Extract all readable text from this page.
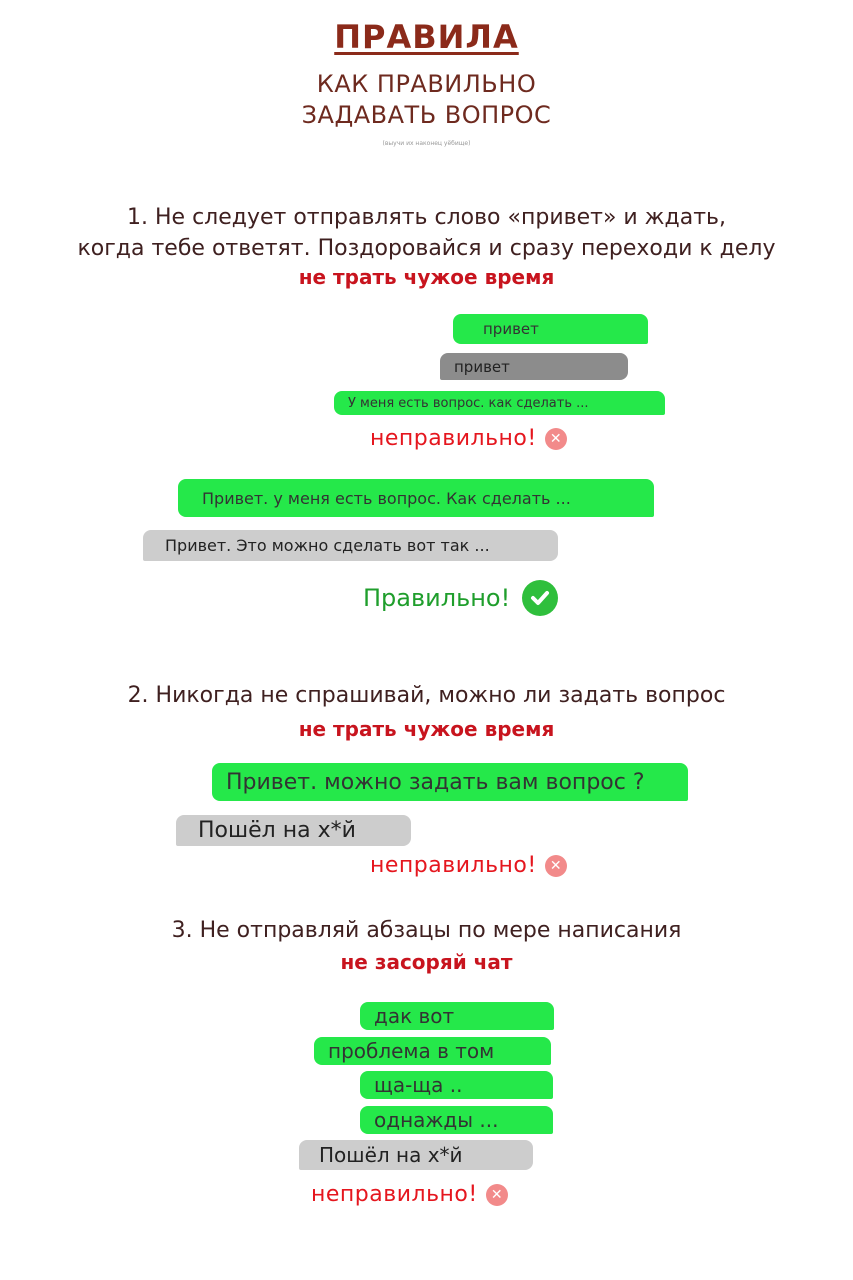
ПРАВИЛА
КАК ПРАВИЛЬНО
ЗАДАВАТЬ ВОПРОС
(выучи их наконец уёбище)
1. Не следует отправлять слово «привет» и ждать,
когда тебе ответят. Поздоровайся и сразу переходи к делу
не трать чужое время
привет
привет
У меня есть вопрос. как сделать ...
неправильно! ✕
Привет. у меня есть вопрос. Как сделать ...
Привет. Это можно сделать вот так ...
Правильно!
2. Никогда не спрашивай, можно ли задать вопрос
не трать чужое время
Привет. можно задать вам вопрос ?
Пошёл на х*й
неправильно! ✕
3. Не отправляй абзацы по мере написания
не засоряй чат
дак вот
проблема в том
ща-ща ..
однажды ...
Пошёл на х*й
неправильно! ✕
